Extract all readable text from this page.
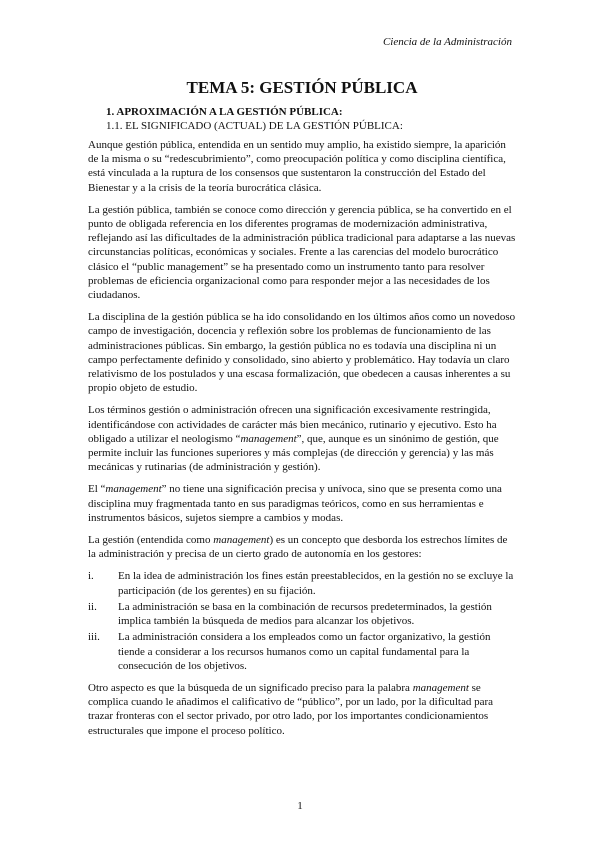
Ciencia de la Administración
TEMA 5: GESTIÓN PÚBLICA
1. APROXIMACIÓN A LA GESTIÓN PÚBLICA:
1.1. EL SIGNIFICADO (ACTUAL) DE LA GESTIÓN PÚBLICA:

Aunque gestión pública, entendida en un sentido muy amplio, ha existido siempre, la aparición de la misma o su “redescubrimiento”, como preocupación política y como disciplina científica, está vinculada a la ruptura de los consensos que sustentaron la construcción del Estado del Bienestar y a la crisis de la teoría burocrática clásica.

La gestión pública, también se conoce como dirección y gerencia pública, se ha convertido en el punto de obligada referencia en los diferentes programas de modernización administrativa, reflejando así las dificultades de la administración pública tradicional para adaptarse a las nuevas circunstancias políticas, económicas y sociales. Frente a las carencias del modelo burocrático clásico el “public management” se ha presentado como un instrumento tanto para resolver problemas de eficiencia organizacional como para responder mejor a las necesidades de los ciudadanos.

La disciplina de la gestión pública se ha ido consolidando en los últimos años como un novedoso campo de investigación, docencia y reflexión sobre los problemas de funcionamiento de las administraciones públicas. Sin embargo, la gestión pública no es todavía una disciplina ni un campo perfectamente definido y consolidado, sino abierto y problemático. Hay todavía un claro relativismo de los postulados y una escasa formalización, que obedecen a causas inherentes a su propio objeto de estudio.

Los términos gestión o administración ofrecen una significación excesivamente restringida, identificándose con actividades de carácter más bien mecánico, rutinario y ejecutivo. Esto ha obligado a utilizar el neologismo “management”, que, aunque es un sinónimo de gestión, que permite incluir las funciones superiores y más complejas (de dirección y gerencia) y las más mecánicas y rutinarias (de administración y gestión).

El “management” no tiene una significación precisa y unívoca, sino que se presenta como una disciplina muy fragmentada tanto en sus paradigmas teóricos, como en sus herramientas e instrumentos básicos, sujetos siempre a cambios y modas.

La gestión (entendida como management) es un concepto que desborda los estrechos límites de la administración y precisa de un cierto grado de autonomía en los gestores:

i.	En la idea de administración los fines están preestablecidos, en la gestión no se excluye la participación (de los gerentes) en su fijación.
ii.	La administración se basa en la combinación de recursos predeterminados, la gestión implica también la búsqueda de medios para alcanzar los objetivos.
iii.	La administración considera a los empleados como un factor organizativo, la gestión tiende a considerar a los recursos humanos como un capital fundamental para la consecución de los objetivos.

Otro aspecto es que la búsqueda de un significado preciso para la palabra management se complica cuando le añadimos el calificativo de “público”, por un lado, por la dificultad para trazar fronteras con el sector privado, por otro lado, por los importantes condicionamientos estructurales que impone el proceso político.

1
